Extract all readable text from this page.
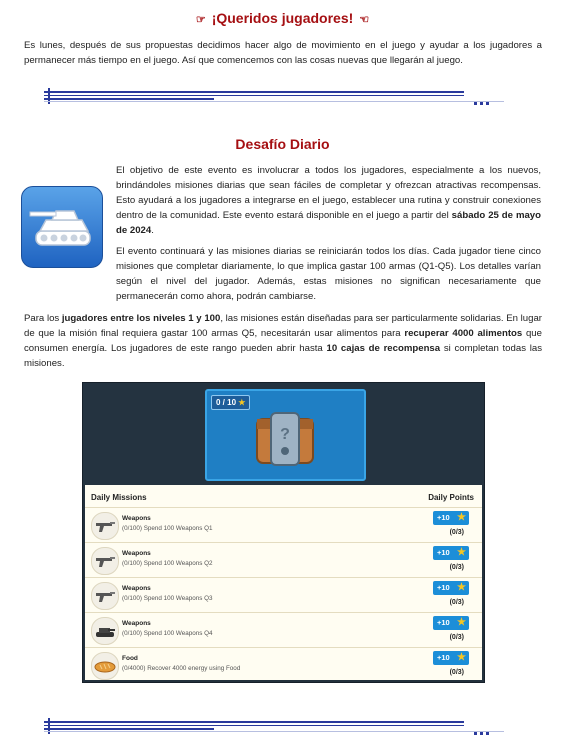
☞ ¡Queridos jugadores! ☜
Es lunes, después de sus propuestas decidimos hacer algo de movimiento en el juego y ayudar a los jugadores a permanecer más tiempo en el juego. Así que comencemos con las cosas nuevas que llegarán al juego.
Desafío Diario
El objetivo de este evento es involucrar a todos los jugadores, especialmente a los nuevos, brindándoles misiones diarias que sean fáciles de completar y ofrezcan atractivas recompensas. Esto ayudará a los jugadores a integrarse en el juego, establecer una rutina y construir conexiones dentro de la comunidad. Este evento estará disponible en el juego a partir del sábado 25 de mayo de 2024.
El evento continuará y las misiones diarias se reiniciarán todos los días. Cada jugador tiene cinco misiones que completar diariamente, lo que implica gastar 100 armas (Q1-Q5). Los detalles varían según el nivel del jugador. Además, estas misiones no significan necesariamente que permanecerán como ahora, podrán cambiarse.
Para los jugadores entre los niveles 1 y 100, las misiones están diseñadas para ser particularmente solidarias. En lugar de que la misión final requiera gastar 100 armas Q5, necesitarán usar alimentos para recuperar 4000 alimentos que consumen energía. Los jugadores de este rango pueden abrir hasta 10 cajas de recompensa si completan todas las misiones.
0 / 10 ★
?
Daily Missions	Daily Points
Weapons
(0/100) Spend 100 Weapons Q1
+10 ★
(0/3)
Weapons
(0/100) Spend 100 Weapons Q2
+10 ★
(0/3)
Weapons
(0/100) Spend 100 Weapons Q3
+10 ★
(0/3)
Weapons
(0/100) Spend 100 Weapons Q4
+10 ★
(0/3)
Food
(0/4000) Recover 4000 energy using Food
+10 ★
(0/3)
